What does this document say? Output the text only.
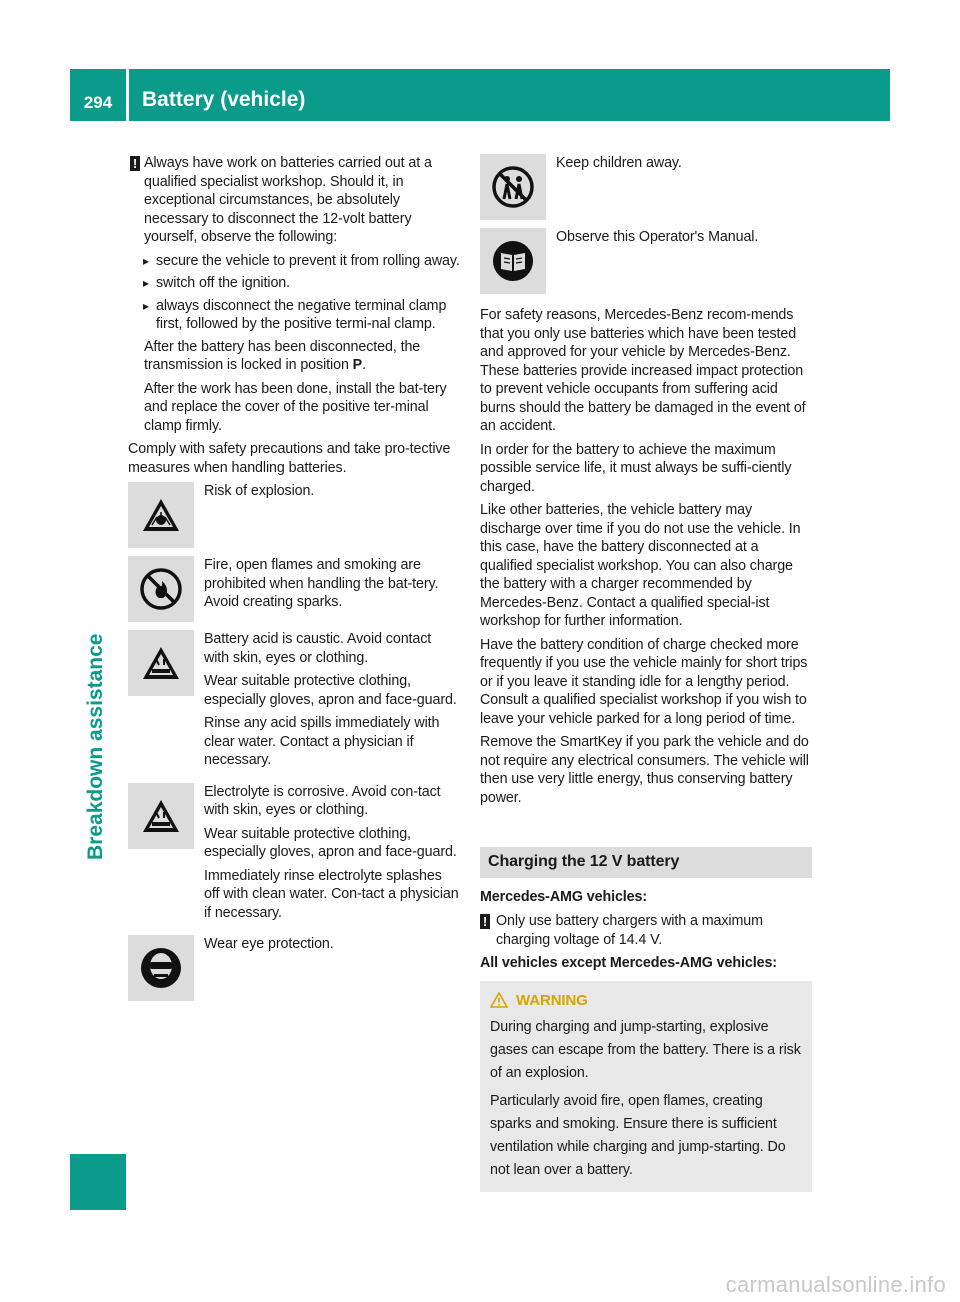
294	Battery (vehicle)
Breakdown assistance

! Always have work on batteries carried out at a qualified specialist workshop. Should it, in exceptional circumstances, be absolutely necessary to disconnect the 12-volt battery yourself, observe the following:

▸ secure the vehicle to prevent it from rolling away.
▸ switch off the ignition.
▸ always disconnect the negative terminal clamp first, followed by the positive termi-nal clamp.

After the battery has been disconnected, the transmission is locked in position P.

After the work has been done, install the bat-tery and replace the cover of the positive ter-minal clamp firmly.

Comply with safety precautions and take pro-tective measures when handling batteries.

Risk of explosion.

Fire, open flames and smoking are prohibited when handling the bat-tery. Avoid creating sparks.

Battery acid is caustic. Avoid contact with skin, eyes or clothing.

Wear suitable protective clothing, especially gloves, apron and face-guard.

Rinse any acid spills immediately with clear water. Contact a physician if necessary.

Electrolyte is corrosive. Avoid con-tact with skin, eyes or clothing.

Wear suitable protective clothing, especially gloves, apron and face-guard.

Immediately rinse electrolyte splashes off with clean water. Con-tact a physician if necessary.

Wear eye protection.

Keep children away.

Observe this Operator's Manual.

For safety reasons, Mercedes-Benz recom-mends that you only use batteries which have been tested and approved for your vehicle by Mercedes-Benz. These batteries provide increased impact protection to prevent vehicle occupants from suffering acid burns should the battery be damaged in the event of an accident.

In order for the battery to achieve the maximum possible service life, it must always be suffi-ciently charged.

Like other batteries, the vehicle battery may discharge over time if you do not use the vehicle. In this case, have the battery disconnected at a qualified specialist workshop. You can also charge the battery with a charger recommended by Mercedes-Benz. Contact a qualified special-ist workshop for further information.

Have the battery condition of charge checked more frequently if you use the vehicle mainly for short trips or if you leave it standing idle for a lengthy period. Consult a qualified specialist workshop if you wish to leave your vehicle parked for a long period of time.

Remove the SmartKey if you park the vehicle and do not require any electrical consumers. The vehicle will then use very little energy, thus conserving battery power.

Charging the 12 V battery
Mercedes-AMG vehicles:

! Only use battery chargers with a maximum charging voltage of 14.4 V.

All vehicles except Mercedes-AMG vehicles:
WARNING

During charging and jump-starting, explosive gases can escape from the battery. There is a risk of an explosion.

Particularly avoid fire, open flames, creating sparks and smoking. Ensure there is sufficient ventilation while charging and jump-starting. Do not lean over a battery.

carmanualsonline.info
